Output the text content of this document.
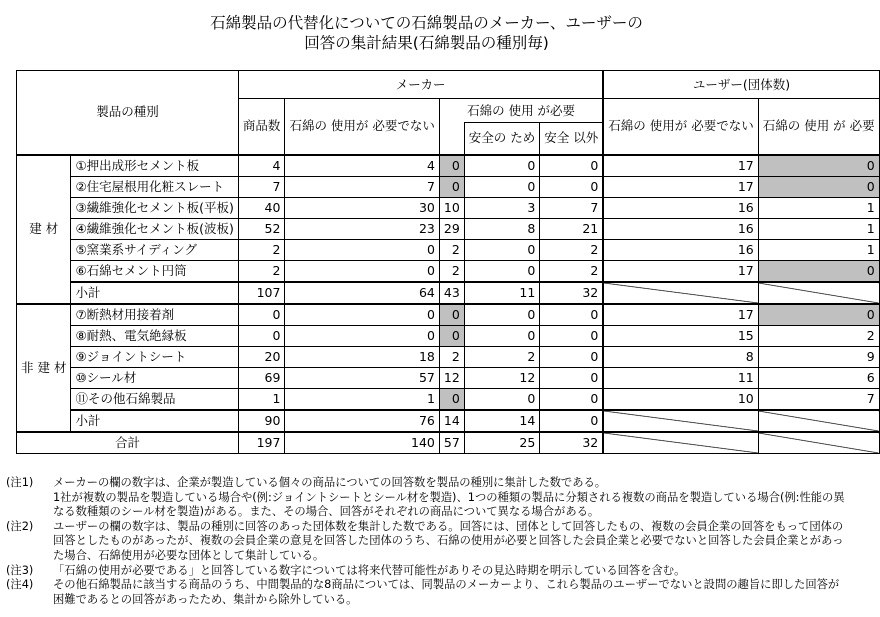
石綿製品の代替化についての石綿製品のメーカー、ユーザーの
回答の集計結果(石綿製品の種別毎)
製品の種別		メーカー					ユーザー(団体数)	
		商品数	石綿の 使用が 必要でない	石綿の 使用 が必要			石綿の 使用が 必要でない	石綿の 使用 が 必要
					安全の ため	安全 以外		
建 材	①押出成形セメント板	4	4	0	0	0	17	0
	②住宅屋根用化粧スレート	7	7	0	0	0	17	0
	③繊維強化セメント板(平板)	40	30	10	3	7	16	1
	④繊維強化セメント板(波板)	52	23	29	8	21	16	1
	⑤窯業系サイディング	2	0	2	0	2	16	1
	⑥石綿セメント円筒	2	0	2	0	2	17	0
	小計	107	64	43	11	32		
非 建 材	⑦断熱材用接着剤	0	0	0	0	0	17	0
	⑧耐熱、電気絶縁板	0	0	0	0	0	15	2
	⑨ジョイントシート	20	18	2	2	0	8	9
	⑩シール材	69	57	12	12	0	11	6
	⑪その他石綿製品	1	1	0	0	0	10	7
	小計	90	76	14	14	0		
合計		197	140	57	25	32		
(注1)	メーカーの欄の数字は、企業が製造している個々の商品についての回答数を製品の種別に集計した数である。
1社が複数の製品を製造している場合や(例:ジョイントシートとシール材を製造)、1つの種類の製品に分類される複数の商品を製造している場合(例:性能の異なる数種類のシール材を製造)がある。また、その場合、回答がそれぞれの商品について異なる場合がある。
(注2)	ユーザーの欄の数字は、製品の種別に回答のあった団体数を集計した数である。回答には、団体として回答したもの、複数の会員企業の回答をもって団体の回答としたものがあったが、複数の会員企業の意見を回答した団体のうち、石綿の使用が必要と回答した会員企業と必要でないと回答した会員企業とがあった場合、石綿使用が必要な団体として集計している。
(注3)	「石綿の使用が必要である」と回答している数字については将来代替可能性がありその見込時期を明示している回答を含む。
(注4)	その他石綿製品に該当する商品のうち、中間製品的な8商品については、同製品のメーカーより、これら製品のユーザーでないと設問の趣旨に即した回答が困難であるとの回答があったため、集計から除外している。
